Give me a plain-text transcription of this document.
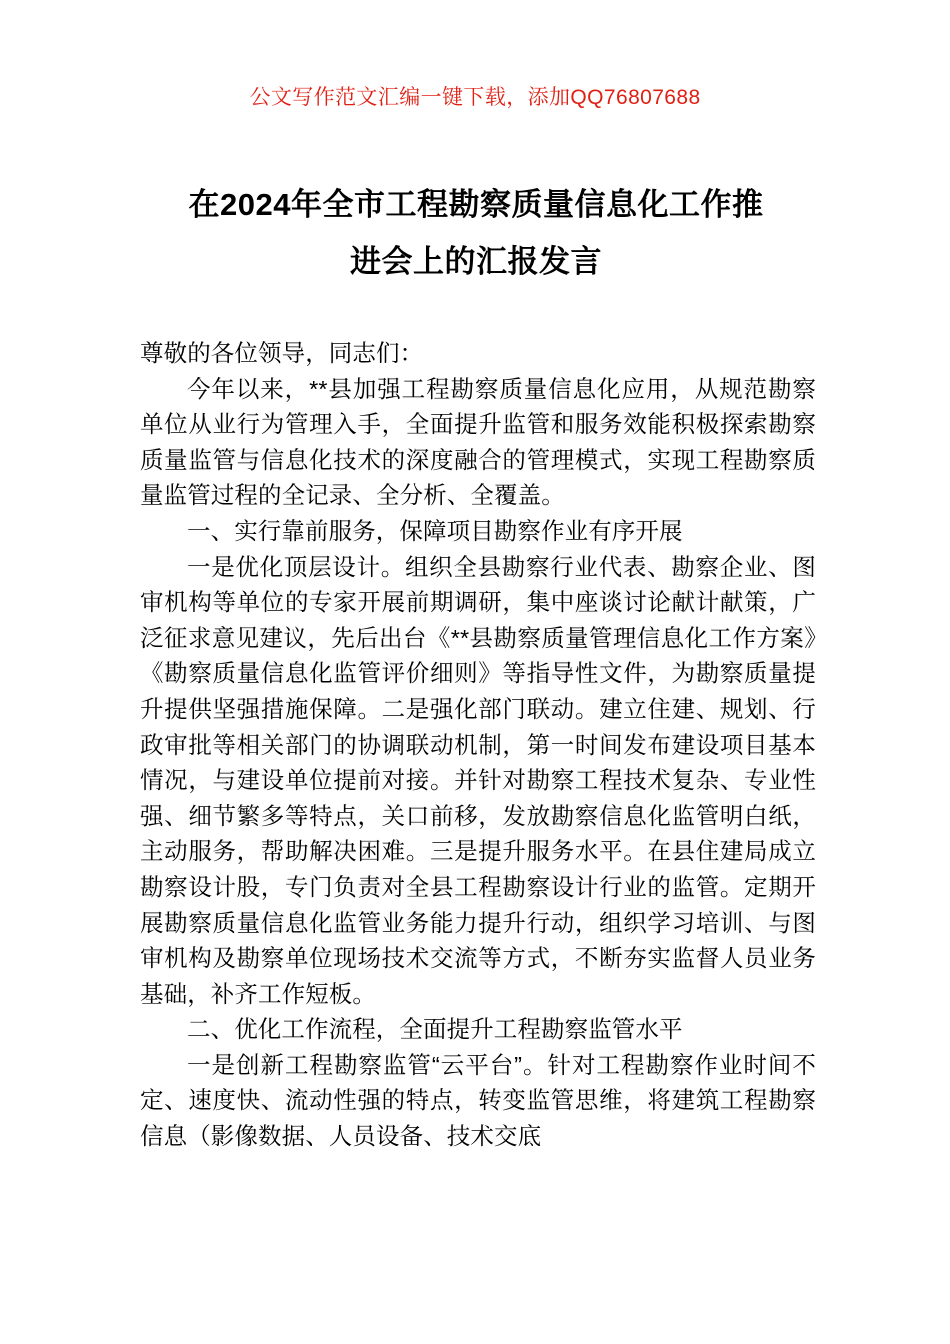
公文写作范文汇编一键下载，添加QQ76807688
在2024年全市工程勘察质量信息化工作推
进会上的汇报发言

尊敬的各位领导，同志们：

今年以来，**县加强工程勘察质量信息化应用，从规范勘察单位从业行为管理入手，全面提升监管和服务效能积极探索勘察质量监管与信息化技术的深度融合的管理模式，实现工程勘察质量监管过程的全记录、全分析、全覆盖。

一、实行靠前服务，保障项目勘察作业有序开展

一是优化顶层设计。组织全县勘察行业代表、勘察企业、图审机构等单位的专家开展前期调研，集中座谈讨论献计献策，广泛征求意见建议，先后出台《**县勘察质量管理信息化工作方案》《勘察质量信息化监管评价细则》等指导性文件，为勘察质量提升提供坚强措施保障。二是强化部门联动。建立住建、规划、行政审批等相关部门的协调联动机制，第一时间发布建设项目基本情况，与建设单位提前对接。并针对勘察工程技术复杂、专业性强、细节繁多等特点，关口前移，发放勘察信息化监管明白纸，主动服务，帮助解决困难。三是提升服务水平。在县住建局成立勘察设计股，专门负责对全县工程勘察设计行业的监管。定期开展勘察质量信息化监管业务能力提升行动，组织学习培训、与图审机构及勘察单位现场技术交流等方式，不断夯实监督人员业务基础，补齐工作短板。

二、优化工作流程，全面提升工程勘察监管水平

一是创新工程勘察监管“云平台”。针对工程勘察作业时间不定、速度快、流动性强的特点，转变监管思维，将建筑工程勘察信息（影像数据、人员设备、技术交底
